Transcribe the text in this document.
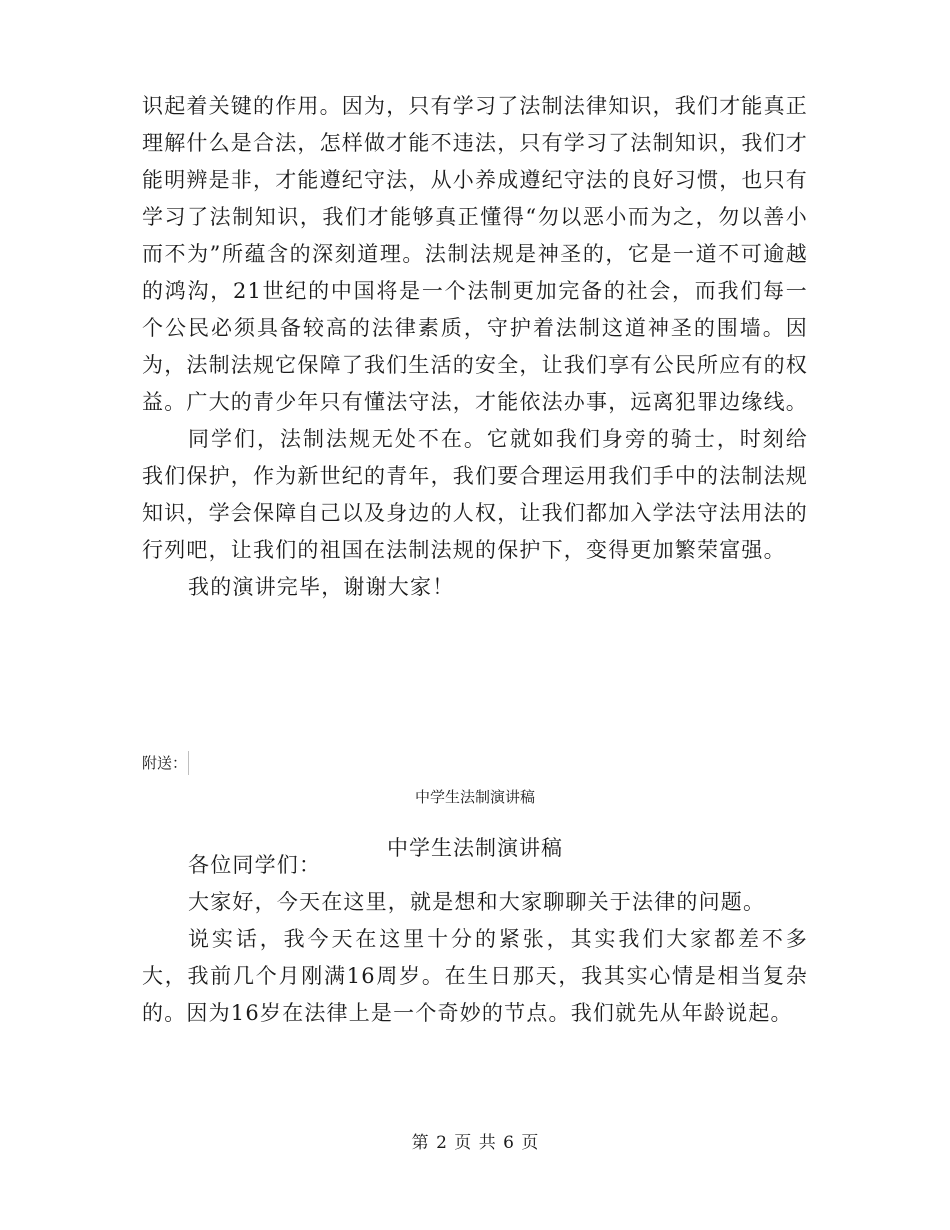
识起着关键的作用。因为，只有学习了法制法律知识，我们才能真正理解什么是合法，怎样做才能不违法，只有学习了法制知识，我们才能明辨是非，才能遵纪守法，从小养成遵纪守法的良好习惯，也只有学习了法制知识，我们才能够真正懂得“勿以恶小而为之，勿以善小而不为”所蕴含的深刻道理。法制法规是神圣的，它是一道不可逾越的鸿沟，21世纪的中国将是一个法制更加完备的社会，而我们每一个公民必须具备较高的法律素质，守护着法制这道神圣的围墙。因为，法制法规它保障了我们生活的安全，让我们享有公民所应有的权益。广大的青少年只有懂法守法，才能依法办事，远离犯罪边缘线。

同学们，法制法规无处不在。它就如我们身旁的骑士，时刻给我们保护，作为新世纪的青年，我们要合理运用我们手中的法制法规知识，学会保障自己以及身边的人权，让我们都加入学法守法用法的行列吧，让我们的祖国在法制法规的保护下，变得更加繁荣富强。

我的演讲完毕，谢谢大家！

附送：
中学生法制演讲稿
中学生法制演讲稿

各位同学们：

大家好，今天在这里，就是想和大家聊聊关于法律的问题。

说实话，我今天在这里十分的紧张，其实我们大家都差不多大，我前几个月刚满16周岁。在生日那天，我其实心情是相当复杂的。因为16岁在法律上是一个奇妙的节点。我们就先从年龄说起。

第 2 页 共 6 页
